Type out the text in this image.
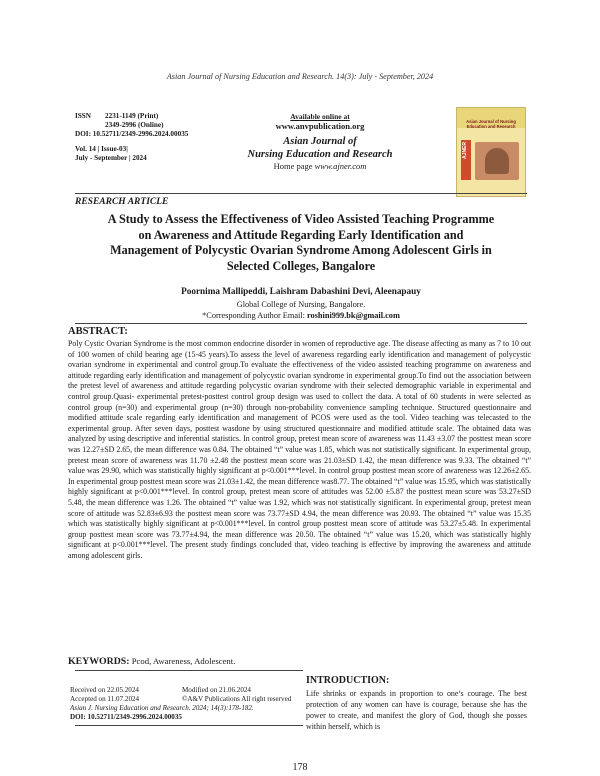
Asian Journal of Nursing Education and Research. 14(3): July - September, 2024
ISSN	2231-1149 (Print)
2349-2996 (Online)
DOI: 10.52711/2349-2996.2024.00035
Vol. 14 | Issue-03|
July - September | 2024
Available online at
www.anvpublication.org
Asian Journal of
Nursing Education and Research
Home page www.ajner.com
Asian Journal of Nursing Education and Research
AJNER
RESEARCH ARTICLE
A Study to Assess the Effectiveness of Video Assisted Teaching Programme
on Awareness and Attitude Regarding Early Identification and
Management of Polycystic Ovarian Syndrome Among Adolescent Girls in
Selected Colleges, Bangalore
Poornima Mallipeddi, Laishram Dabashini Devi, Aleenapauy
Global College of Nursing, Bangalore.
*Corresponding Author Email: roshini999.bk@gmail.com
ABSTRACT:

Poly Cystic Ovarian Syndrome is the most common endocrine disorder in women of reproductive age. The disease affecting as many as 7 to 10 out of 100 women of child bearing age (15-45 years).To assess the level of awareness regarding early identification and management of polycystic ovarian syndrome in experimental and control group.To evaluate the effectiveness of the video assisted teaching programme on awareness and attitude regarding early identification and management of polycystic ovarian syndrome in experimental group.To find out the association between the pretest level of awareness and attitude regarding polycystic ovarian syndrome with their selected demographic variable in experimental and control group.Quasi- experimental pretest-posttest control group design was used to collect the data. A total of 60 students in were selected as control group (n=30) and experimental group (n=30) through non-probability convenience sampling technique. Structured questionnaire and modified attitude scale regarding early identification and management of PCOS were used as the tool. Video teaching was telecasted to the experimental group. After seven days, posttest wasdone by using structured questionnaire and modified attitude scale. The obtained data was analyzed by using descriptive and inferential statistics. In control group, pretest mean score of awareness was 11.43 ±3.07 the posttest mean score was 12.27±SD 2.65, the mean difference was 0.84. The obtained “t” value was 1.85, which was not statistically significant. In experimental group, pretest mean score of awareness was 11.70 ±2.48 the posttest mean score was 21.03±SD 1.42, the mean difference was 9.33. The obtained “t” value was 29.90, which was statistically highly significant at p<0.001***level. In control group posttest mean score of awareness was 12.26±2.65. In experimental group posttest mean score was 21.03±1.42, the mean difference was8.77. The obtained “t” value was 15.95, which was statistically highly significant at p<0.001***level. In control group, pretest mean score of attitudes was 52.00 ±5.87 the posttest mean score was 53.27±SD 5.48, the mean difference was 1.26. The obtained “t” value was 1.92, which was not statistically significant. In experimental group, pretest mean score of attitude was 52.83±6.93 the posttest mean score was 73.77±SD 4.94, the mean difference was 20.93. The obtained “t” value was 15.35 which was statistically highly significant at p<0.001***level. In control group posttest mean score of attitude was 53.27±5.48. In experimental group posttest mean score was 73.77±4.94, the mean difference was 20.50. The obtained “t” value was 15.20, which was statistically highly significant at p<0.001***level. The present study findings concluded that, video teaching is effective by improving the awareness and attitude among adolescent girls.

KEYWORDS: Pcod, Awareness, Adolescent.
Received on 22.05.2024	Modified on 21.06.2024
Accepted on 11.07.2024	©A&V Publications All right reserved
Asian J. Nursing Education and Research. 2024; 14(3):178-182.
DOI: 10.52711/2349-2996.2024.00035
INTRODUCTION:

Life shrinks or expands in proportion to one’s courage. The best protection of any women can have is courage, because she has the power to create, and manifest the glory of God, though she posses within herself, which is

178
